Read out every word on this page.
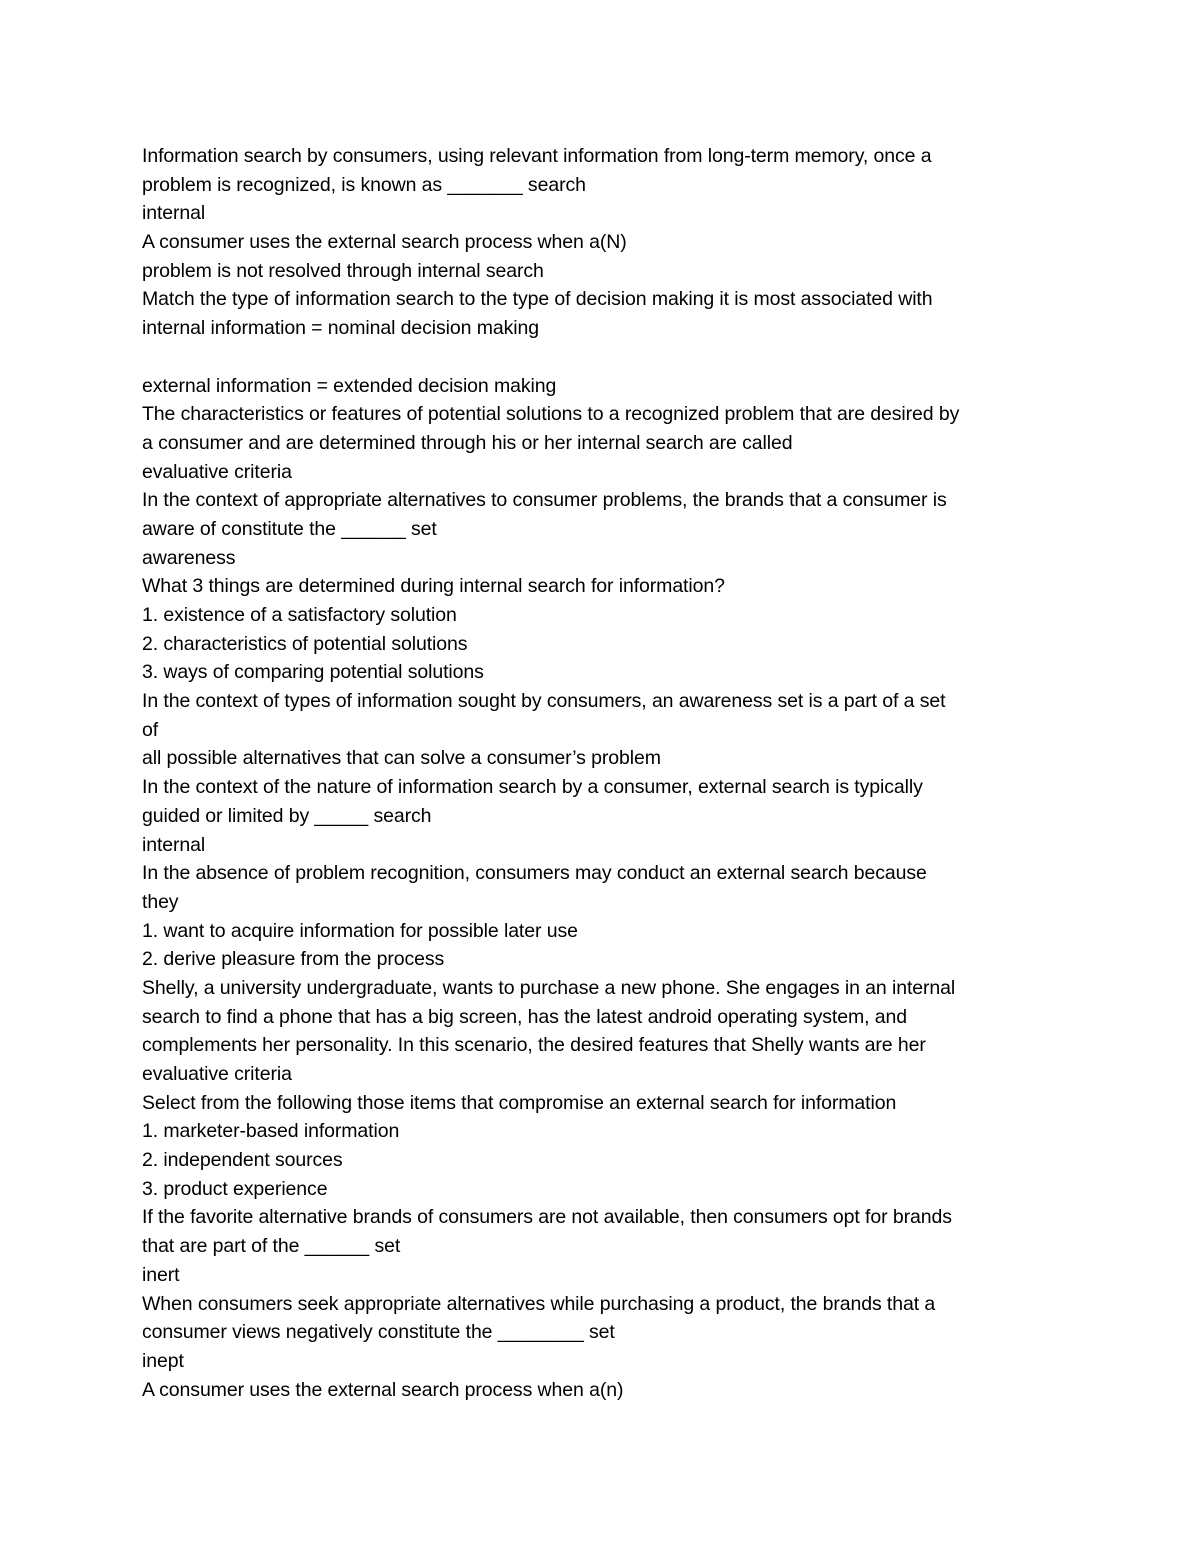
Information search by consumers, using relevant information from long-term memory, once a
problem is recognized, is known as _______ search
internal
A consumer uses the external search process when a(N)
problem is not resolved through internal search
Match the type of information search to the type of decision making it is most associated with
internal information = nominal decision making
external information = extended decision making
The characteristics or features of potential solutions to a recognized problem that are desired by
a consumer and are determined through his or her internal search are called
evaluative criteria
In the context of appropriate alternatives to consumer problems, the brands that a consumer is
aware of constitute the ______ set
awareness
What 3 things are determined during internal search for information?
1. existence of a satisfactory solution
2. characteristics of potential solutions
3. ways of comparing potential solutions
In the context of types of information sought by consumers, an awareness set is a part of a set
of
all possible alternatives that can solve a consumer’s problem
In the context of the nature of information search by a consumer, external search is typically
guided or limited by _____ search
internal
In the absence of problem recognition, consumers may conduct an external search because
they
1. want to acquire information for possible later use
2. derive pleasure from the process
Shelly, a university undergraduate, wants to purchase a new phone. She engages in an internal
search to find a phone that has a big screen, has the latest android operating system, and
complements her personality. In this scenario, the desired features that Shelly wants are her
evaluative criteria
Select from the following those items that compromise an external search for information
1. marketer-based information
2. independent sources
3. product experience
If the favorite alternative brands of consumers are not available, then consumers opt for brands
that are part of the ______ set
inert
When consumers seek appropriate alternatives while purchasing a product, the brands that a
consumer views negatively constitute the ________ set
inept
A consumer uses the external search process when a(n)
